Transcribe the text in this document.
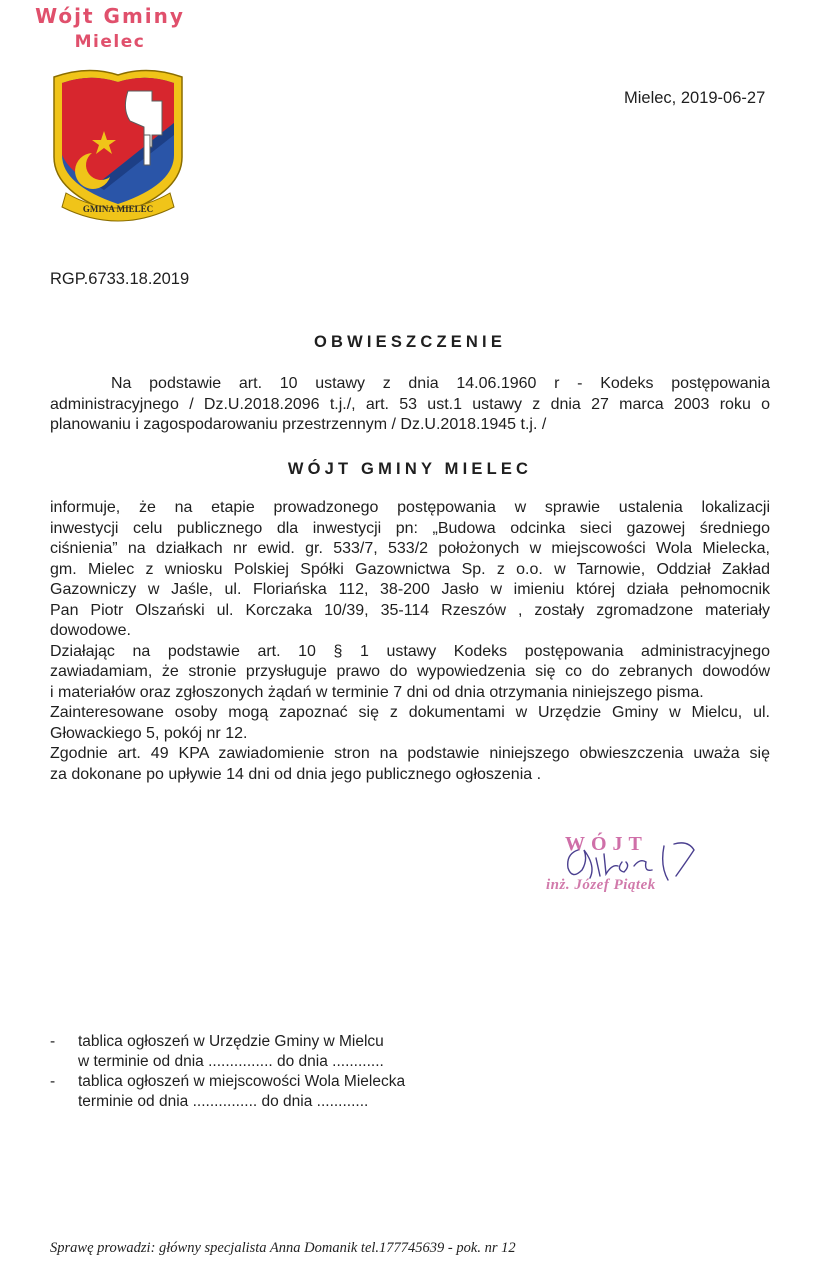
Wójt Gminy
Mielec
GMINA MIELEC
Mielec, 2019-06-27
RGP.6733.18.2019
OBWIESZCZENIE
Na podstawie art. 10 ustawy z dnia 14.06.1960 r - Kodeks postępowania
administracyjnego / Dz.U.2018.2096 t.j./, art. 53 ust.1 ustawy z dnia 27 marca 2003 roku o
planowaniu i zagospodarowaniu przestrzennym / Dz.U.2018.1945 t.j. /
WÓJT GMINY MIELEC
informuje, że na etapie prowadzonego postępowania w sprawie ustalenia lokalizacji
inwestycji celu publicznego dla inwestycji pn: „Budowa odcinka sieci gazowej średniego
ciśnienia” na działkach nr ewid. gr. 533/7, 533/2 położonych w miejscowości Wola Mielecka,
gm. Mielec z wniosku Polskiej Spółki Gazownictwa Sp. z o.o. w Tarnowie, Oddział Zakład
Gazowniczy w Jaśle, ul. Floriańska 112, 38-200 Jasło w imieniu której działa pełnomocnik
Pan Piotr Olszański ul. Korczaka 10/39, 35-114 Rzeszów , zostały zgromadzone materiały
dowodowe.
Działając na podstawie art. 10 § 1 ustawy Kodeks postępowania administracyjnego
zawiadamiam, że stronie przysługuje prawo do wypowiedzenia się co do zebranych dowodów
i materiałów oraz zgłoszonych żądań w terminie 7 dni od dnia otrzymania niniejszego pisma.
Zainteresowane osoby mogą zapoznać się z dokumentami w Urzędzie Gminy w Mielcu, ul.
Głowackiego 5, pokój nr 12.
Zgodnie art. 49 KPA zawiadomienie stron na podstawie niniejszego obwieszczenia uważa się
za dokonane po upływie 14 dni od dnia jego publicznego ogłoszenia .
WÓJT
inż. Józef Piątek
- tablica ogłoszeń w Urzędzie Gminy w Mielcu
w terminie od dnia ............... do dnia ............
- tablica ogłoszeń w miejscowości Wola Mielecka
terminie od dnia ............... do dnia ............
Sprawę prowadzi: główny specjalista Anna Domanik tel.177745639 - pok. nr 12
